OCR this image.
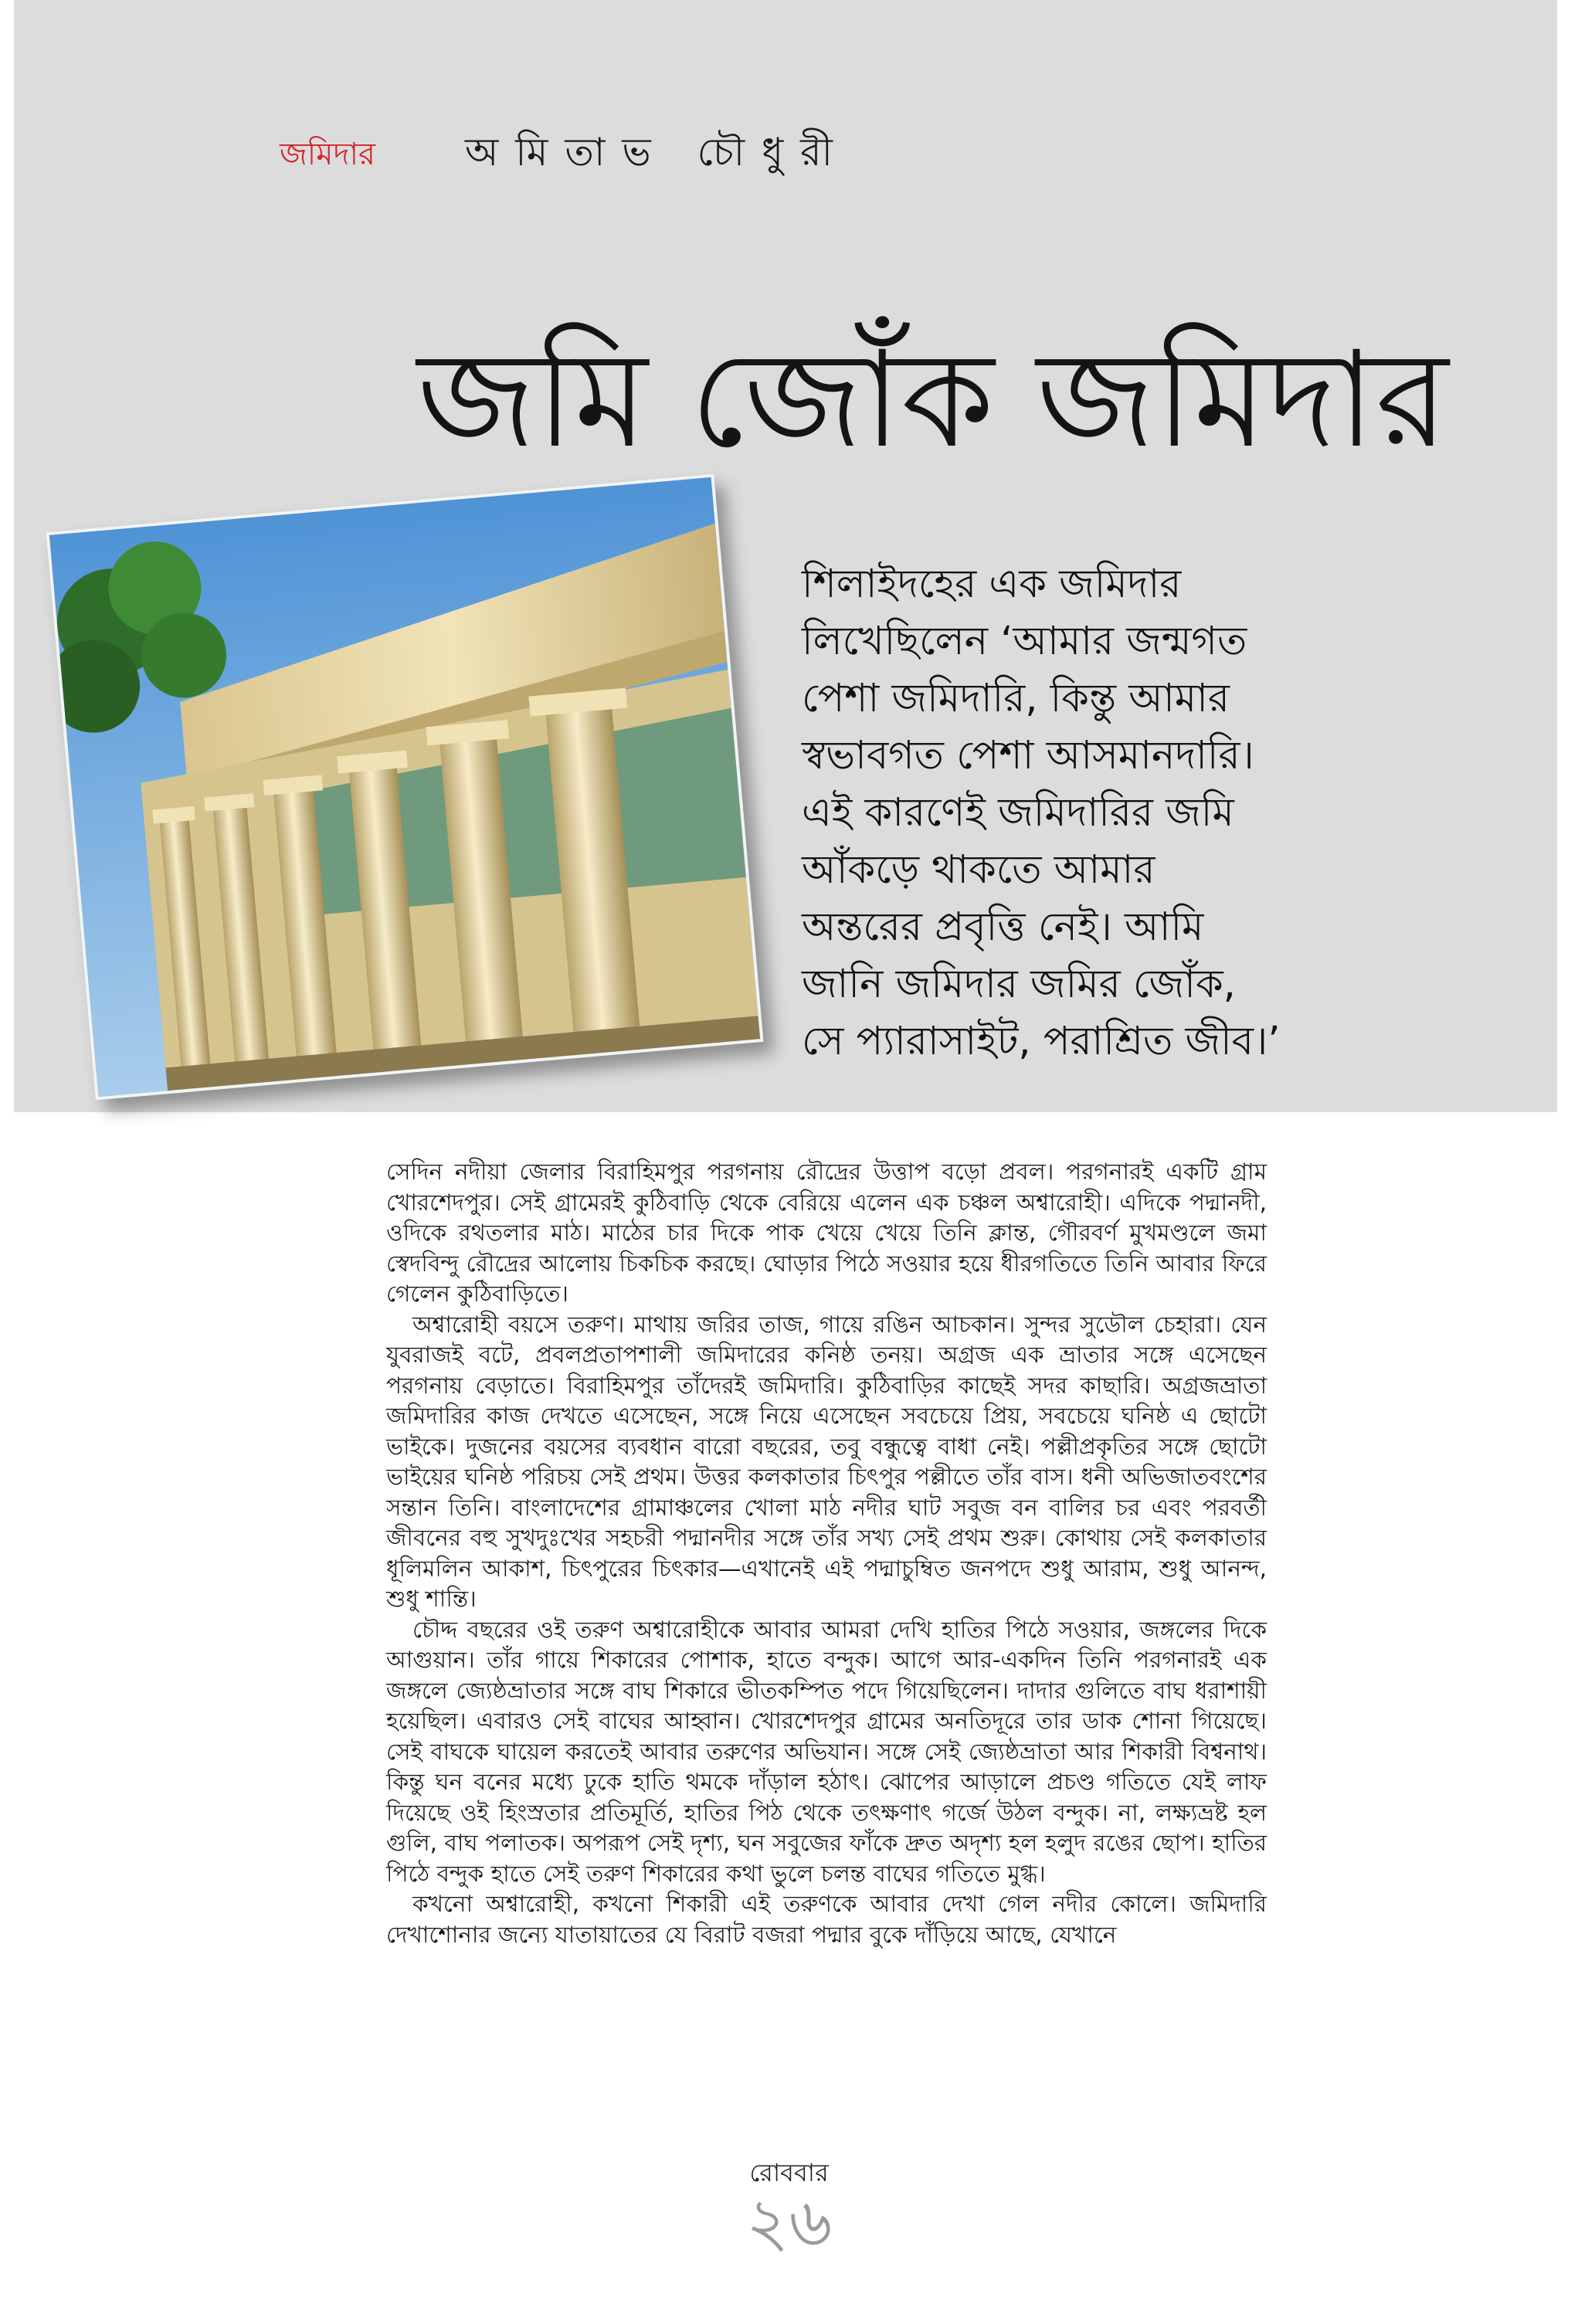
জমিদার অমিতাভ চৌধুরী
জমি জোঁক জমিদার
শিলাইদহের এক জমিদার
লিখেছিলেন ‘আমার জন্মগত
পেশা জমিদারি, কিন্তু আমার
স্বভাবগত পেশা আসমানদারি।
এই কারণেই জমিদারির জমি
আঁকড়ে থাকতে আমার
অন্তরের প্রবৃত্তি নেই। আমি
জানি জমিদার জমির জোঁক,
সে প্যারাসাইট, পরাশ্রিত জীব।’

সেদিন নদীয়া জেলার বিরাহিমপুর পরগনায় রৌদ্রের উত্তাপ বড়ো প্রবল। পরগনারই একটি গ্রাম খোরশেদপুর। সেই গ্রামেরই কুঠিবাড়ি থেকে বেরিয়ে এলেন এক চঞ্চল অশ্বারোহী। এদিকে পদ্মানদী, ওদিকে রথতলার মাঠ। মাঠের চার দিকে পাক খেয়ে খেয়ে তিনি ক্লান্ত, গৌরবর্ণ মুখমণ্ডলে জমা স্বেদবিন্দু রৌদ্রের আলোয় চিকচিক করছে। ঘোড়ার পিঠে সওয়ার হয়ে ধীরগতিতে তিনি আবার ফিরে গেলেন কুঠিবাড়িতে।

অশ্বারোহী বয়সে তরুণ। মাথায় জরির তাজ, গায়ে রঙিন আচকান। সুন্দর সুডৌল চেহারা। যেন যুবরাজই বটে, প্রবলপ্রতাপশালী জমিদারের কনিষ্ঠ তনয়। অগ্রজ এক ভ্রাতার সঙ্গে এসেছেন পরগনায় বেড়াতে। বিরাহিমপুর তাঁদেরই জমিদারি। কুঠিবাড়ির কাছেই সদর কাছারি। অগ্রজভ্রাতা জমিদারির কাজ দেখতে এসেছেন, সঙ্গে নিয়ে এসেছেন সবচেয়ে প্রিয়, সবচেয়ে ঘনিষ্ঠ এ ছোটো ভাইকে। দুজনের বয়সের ব্যবধান বারো বছরের, তবু বন্ধুত্বে বাধা নেই। পল্লীপ্রকৃতির সঙ্গে ছোটো ভাইয়ের ঘনিষ্ঠ পরিচয় সেই প্রথম। উত্তর কলকাতার চিৎপুর পল্লীতে তাঁর বাস। ধনী অভিজাতবংশের সন্তান তিনি। বাংলাদেশের গ্রামাঞ্চলের খোলা মাঠ নদীর ঘাট সবুজ বন বালির চর এবং পরবর্তী জীবনের বহু সুখদুঃখের সহচরী পদ্মানদীর সঙ্গে তাঁর সখ্য সেই প্রথম শুরু। কোথায় সেই কলকাতার ধূলিমলিন আকাশ, চিৎপুরের চিৎকার—এখানেই এই পদ্মাচুম্বিত জনপদে শুধু আরাম, শুধু আনন্দ, শুধু শান্তি।

চৌদ্দ বছরের ওই তরুণ অশ্বারোহীকে আবার আমরা দেখি হাতির পিঠে সওয়ার, জঙ্গলের দিকে আগুয়ান। তাঁর গায়ে শিকারের পোশাক, হাতে বন্দুক। আগে আর-একদিন তিনি পরগনারই এক জঙ্গলে জ্যেষ্ঠভ্রাতার সঙ্গে বাঘ শিকারে ভীতকম্পিত পদে গিয়েছিলেন। দাদার গুলিতে বাঘ ধরাশায়ী হয়েছিল। এবারও সেই বাঘের আহ্বান। খোরশেদপুর গ্রামের অনতিদূরে তার ডাক শোনা গিয়েছে। সেই বাঘকে ঘায়েল করতেই আবার তরুণের অভিযান। সঙ্গে সেই জ্যেষ্ঠভ্রাতা আর শিকারী বিশ্বনাথ। কিন্তু ঘন বনের মধ্যে ঢুকে হাতি থমকে দাঁড়াল হঠাৎ। ঝোপের আড়ালে প্রচণ্ড গতিতে যেই লাফ দিয়েছে ওই হিংস্রতার প্রতিমূর্তি, হাতির পিঠ থেকে তৎক্ষণাৎ গর্জে উঠল বন্দুক। না, লক্ষ্যভ্রষ্ট হল গুলি, বাঘ পলাতক। অপরূপ সেই দৃশ্য, ঘন সবুজের ফাঁকে দ্রুত অদৃশ্য হল হলুদ রঙের ছোপ। হাতির পিঠে বন্দুক হাতে সেই তরুণ শিকারের কথা ভুলে চলন্ত বাঘের গতিতে মুগ্ধ।

কখনো অশ্বারোহী, কখনো শিকারী এই তরুণকে আবার দেখা গেল নদীর কোলে। জমিদারি দেখাশোনার জন্যে যাতায়াতের যে বিরাট বজরা পদ্মার বুকে দাঁড়িয়ে আছে, যেখানে

রোববার
২৬
